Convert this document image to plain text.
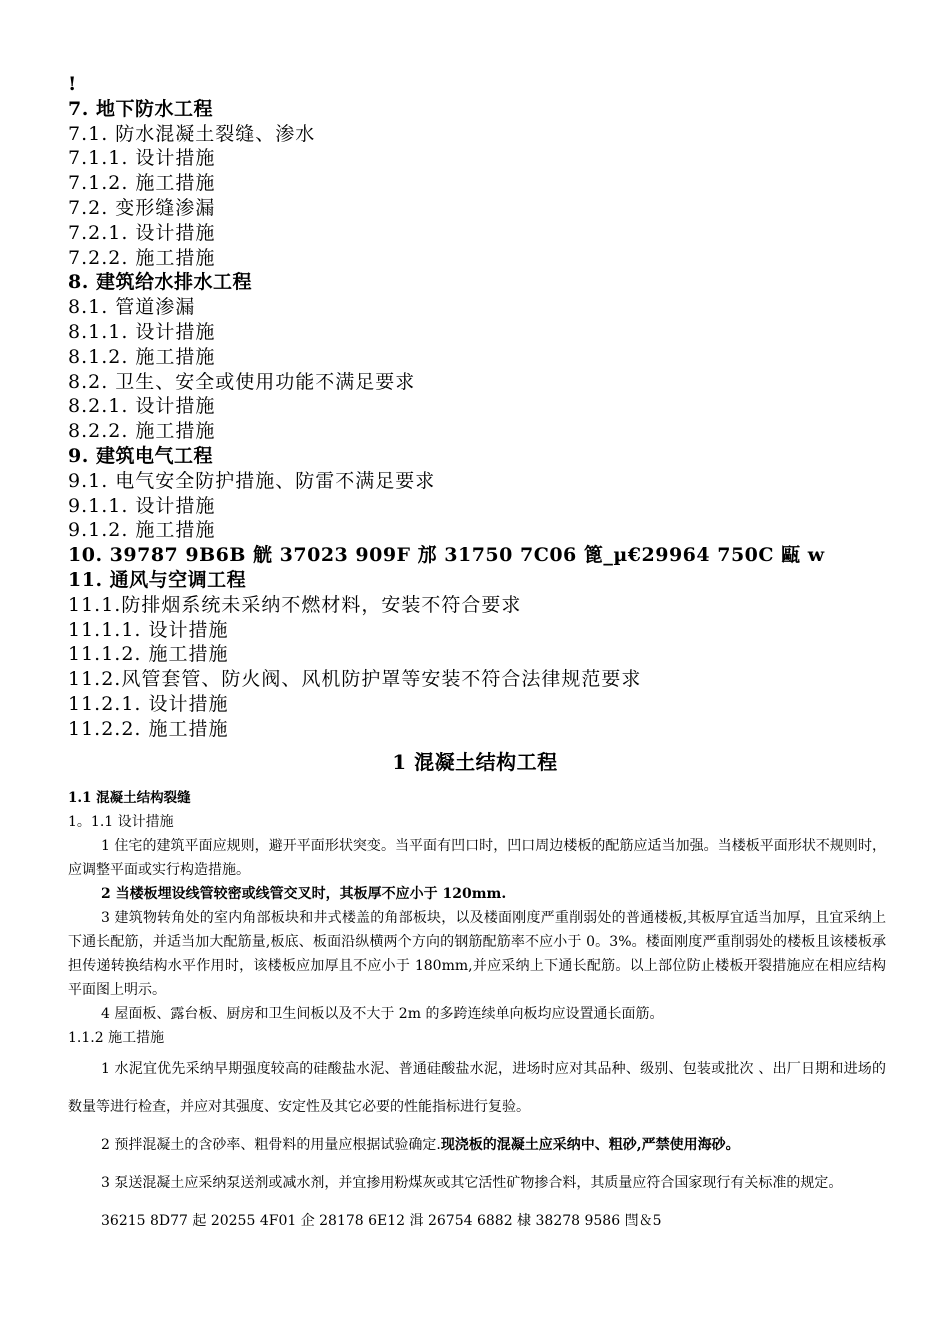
!
7. 地下防水工程
7.1. 防水混凝土裂缝、渗水
7.1.1. 设计措施
7.1.2. 施工措施
7.2. 变形缝渗漏
7.2.1. 设计措施
7.2.2. 施工措施
8. 建筑给水排水工程
8.1. 管道渗漏
8.1.1. 设计措施
8.1.2. 施工措施
8.2. 卫生、安全或使用功能不满足要求
8.2.1. 设计措施
8.2.2. 施工措施
9. 建筑电气工程
9.1. 电气安全防护措施、防雷不满足要求
9.1.1. 设计措施
9.1.2. 施工措施
10. 39787 9B6B 觥 37023 909F 邡 31750 7C06 篦_µ€29964 750C 甌 w
11. 通风与空调工程
11.1.防排烟系统未采纳不燃材料，安装不符合要求
11.1.1. 设计措施
11.1.2. 施工措施
11.2.风管套管、防火阀、风机防护罩等安装不符合法律规范要求
11.2.1. 设计措施
11.2.2. 施工措施
1 混凝土结构工程

1.1 混凝土结构裂缝

1。1.1 设计措施

1 住宅的建筑平面应规则，避开平面形状突变。当平面有凹口时，凹口周边楼板的配筋应适当加强。当楼板平面形状不规则时，应调整平面或实行构造措施。

2 当楼板埋设线管较密或线管交叉时，其板厚不应小于 120mm.

3 建筑物转角处的室内角部板块和井式楼盖的角部板块，以及楼面刚度严重削弱处的普通楼板,其板厚宜适当加厚，且宜采纳上下通长配筋，并适当加大配筋量,板底、板面沿纵横两个方向的钢筋配筋率不应小于 0。3%。楼面刚度严重削弱处的楼板且该楼板承担传递转换结构水平作用时，该楼板应加厚且不应小于 180mm,并应采纳上下通长配筋。以上部位防止楼板开裂措施应在相应结构平面图上明示。

4 屋面板、露台板、厨房和卫生间板以及不大于 2m 的多跨连续单向板均应设置通长面筋。

1.1.2 施工措施

1 水泥宜优先采纳早期强度较高的硅酸盐水泥、普通硅酸盐水泥，进场时应对其品种、级别、包装或批次 、出厂日期和进场的数量等进行检查，并应对其强度、安定性及其它必要的性能指标进行复验。

2 预拌混凝土的含砂率、粗骨料的用量应根据试验确定.现浇板的混凝土应采纳中、粗砂,严禁使用海砂。

3 泵送混凝土应采纳泵送剂或减水剂，并宜掺用粉煤灰或其它活性矿物掺合料，其质量应符合国家现行有关标准的规定。

36215 8D77 起 20255 4F01 企 28178 6E12 湒 26754 6882 棣 38278 9586 閆＆5
